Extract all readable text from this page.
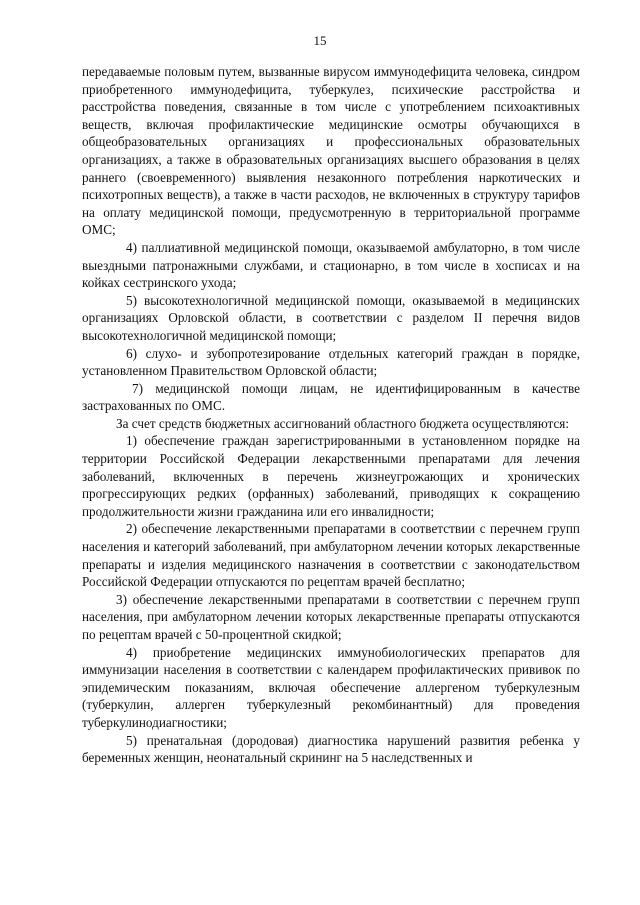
15

передаваемые половым путем, вызванные вирусом иммунодефицита человека, синдром приобретенного иммунодефицита, туберкулез, психические расстройства и расстройства поведения, связанные в том числе с употреблением психоактивных веществ, включая профилактические медицинские осмотры обучающихся в общеобразовательных организациях и профессиональных образовательных организациях, а также в образовательных организациях высшего образования в целях раннего (своевременного) выявления незаконного потребления наркотических и психотропных веществ), а также в части расходов, не включенных в структуру тарифов на оплату медицинской помощи, предусмотренную в территориальной программе ОМС;

4) паллиативной медицинской помощи, оказываемой амбулаторно, в том числе выездными патронажными службами, и стационарно, в том числе в хосписах и на койках сестринского ухода;

5) высокотехнологичной медицинской помощи, оказываемой в медицинских организациях Орловской области, в соответствии с разделом II перечня видов высокотехнологичной медицинской помощи;

6) слухо- и зубопротезирование отдельных категорий граждан в порядке, установленном Правительством Орловской области;

7) медицинской помощи лицам, не идентифицированным в качестве застрахованных по ОМС.

За счет средств бюджетных ассигнований областного бюджета осуществляются:

1) обеспечение граждан зарегистрированными в установленном порядке на территории Российской Федерации лекарственными препаратами для лечения заболеваний, включенных в перечень жизнеугрожающих и хронических прогрессирующих редких (орфанных) заболеваний, приводящих к сокращению продолжительности жизни гражданина или его инвалидности;

2) обеспечение лекарственными препаратами в соответствии с перечнем групп населения и категорий заболеваний, при амбулаторном лечении которых лекарственные препараты и изделия медицинского назначения в соответствии с законодательством Российской Федерации отпускаются по рецептам врачей бесплатно;

3) обеспечение лекарственными препаратами в соответствии с перечнем групп населения, при амбулаторном лечении которых лекарственные препараты отпускаются по рецептам врачей с 50-процентной скидкой;

4) приобретение медицинских иммунобиологических препаратов для иммунизации населения в соответствии с календарем профилактических прививок по эпидемическим показаниям, включая обеспечение аллергеном туберкулезным (туберкулин, аллерген туберкулезный рекомбинантный) для проведения туберкулинодиагностики;

5) пренатальная (дородовая) диагностика нарушений развития ребенка у беременных женщин, неонатальный скрининг на 5 наследственных и
